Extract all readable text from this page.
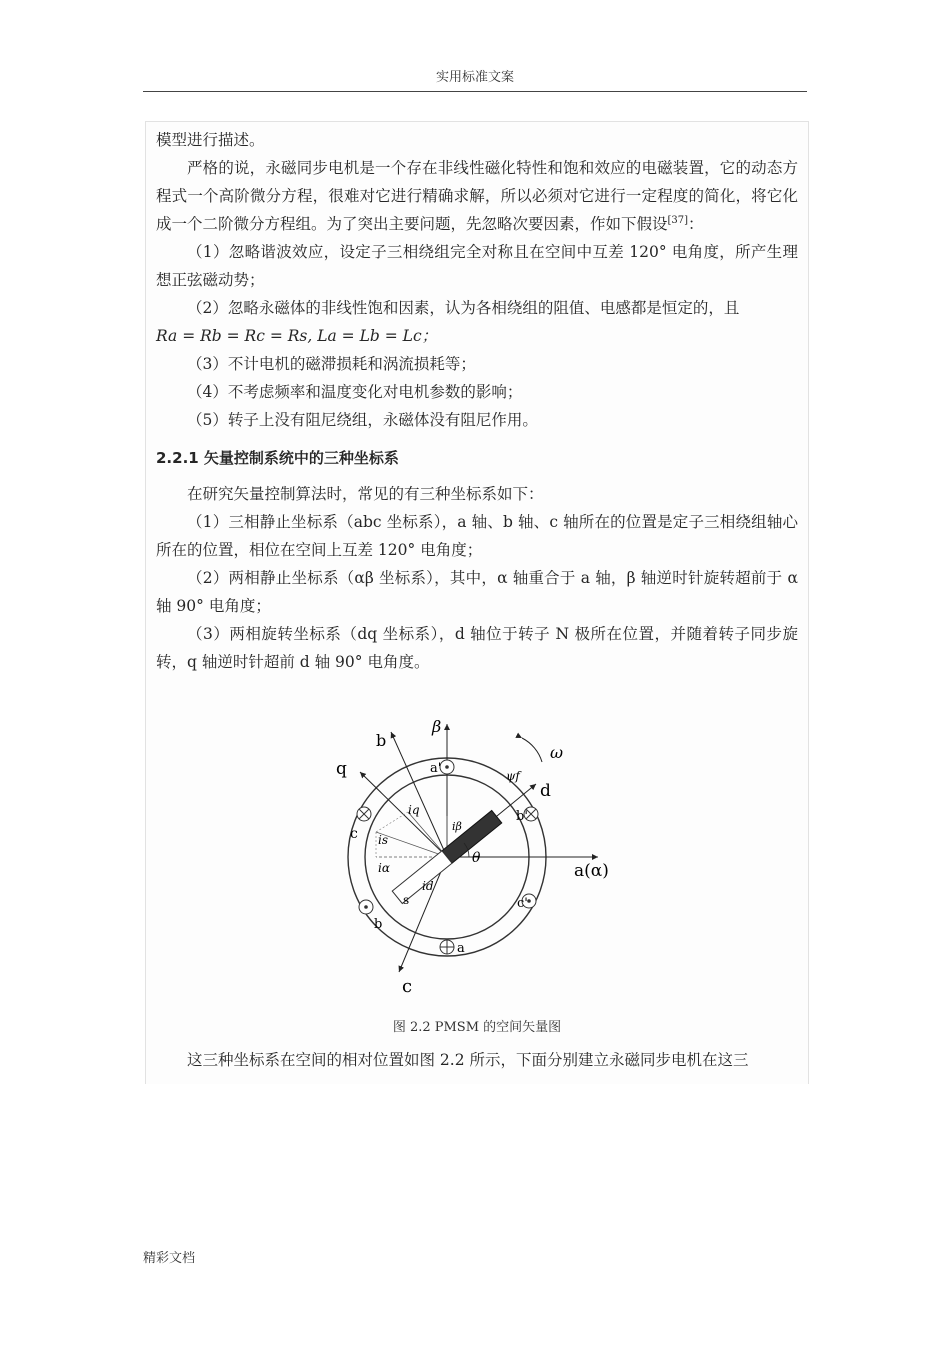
实用标准文案

模型进行描述。

严格的说，永磁同步电机是一个存在非线性磁化特性和饱和效应的电磁装置，它的动态方程式一个高阶微分方程，很难对它进行精确求解，所以必须对它进行一定程度的简化，将它化成一个二阶微分方程组。为了突出主要问题，先忽略次要因素，作如下假设[37]：

（1）忽略谐波效应，设定子三相绕组完全对称且在空间中互差 120° 电角度，所产生理想正弦磁动势；

（2）忽略永磁体的非线性饱和因素，认为各相绕组的阻值、电感都是恒定的，且

Ra = Rb = Rc = Rs, La = Lb = Lc；

（3）不计电机的磁滞损耗和涡流损耗等；

（4）不考虑频率和温度变化对电机参数的影响；

（5）转子上没有阻尼绕组，永磁体没有阻尼作用。

2.2.1 矢量控制系统中的三种坐标系

在研究矢量控制算法时，常见的有三种坐标系如下：

（1）三相静止坐标系（abc 坐标系），a 轴、b 轴、c 轴所在的位置是定子三相绕组轴心所在的位置，相位在空间上互差 120° 电角度；

（2）两相静止坐标系（αβ 坐标系），其中，α 轴重合于 a 轴，β 轴逆时针旋转超前于 α 轴 90° 电角度；

（3）两相旋转坐标系（dq 坐标系），d 轴位于转子 N 极所在位置，并随着转子同步旋转，q 轴逆时针超前 d 轴 90° 电角度。

a(α)
β
b
c
q
d
ω
ψf
θ
is
iq
id
iα
iβ
a
a'
b
b'
c
c'
s
图 2.2 PMSM 的空间矢量图

这三种坐标系在空间的相对位置如图 2.2 所示，下面分别建立永磁同步电机在这三

精彩文档
